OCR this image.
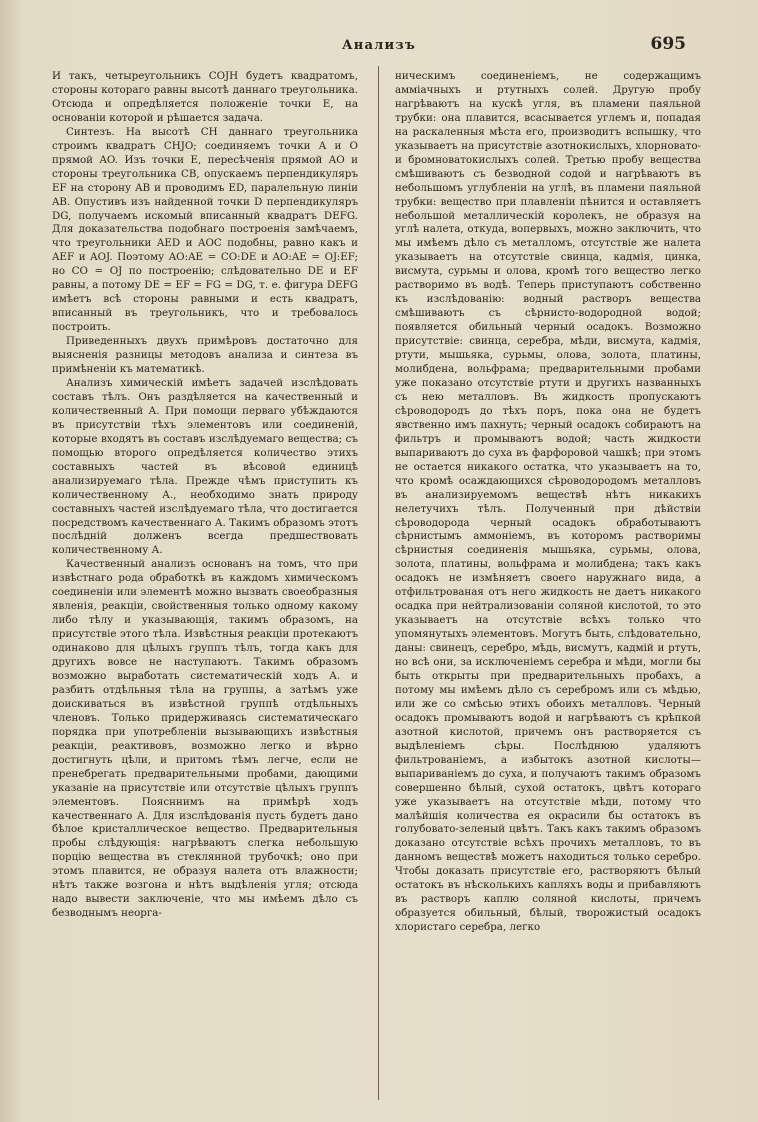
Анализъ	695

И такъ, четыреугольникъ COJH будетъ квадратомъ, стороны котораго равны высотѣ даннаго треугольника. Отсюда и опредѣляется положеніе точки E, на основаніи которой и рѣшается задача.

Синтезъ. На высотѣ CH даннаго треугольника строимъ квадратъ CHJO; соединяемъ точки A и O прямой AO. Изъ точки E, пересѣченія прямой AO и стороны треугольника CB, опускаемъ перпендикуляръ EF на сторону AB и проводимъ ED, паралельную линіи AB. Опустивъ изъ найденной точки D перпендикуляръ DG, получаемъ искомый вписанный квадратъ DEFG. Для доказательства подобнаго построенія замѣчаемъ, что треугольники AED и AOC подобны, равно какъ и AEF и AOJ. Поэтому AO:AE = CO:DE и AO:AE = OJ:EF; но CO = OJ по построенію; слѣдовательно DE и EF равны, а потому DE = EF = FG = DG, т. е. фигура DEFG имѣетъ всѣ стороны равными и есть квадратъ, вписанный въ треугольникъ, что и требовалось построить.

Приведенныхъ двухъ примѣровъ достаточно для выясненія разницы методовъ анализа и синтеза въ примѣненіи къ математикѣ.

Анализъ химическій имѣетъ задачей изслѣдовать составъ тѣлъ. Онъ раздѣляется на качественный и количественный А. При помощи перваго убѣждаются въ присутствіи тѣхъ элементовъ или соединеній, которые входятъ въ составъ изслѣдуемаго вещества; съ помощью второго опредѣляется количество этихъ составныхъ частей въ вѣсовой единицѣ анализируемаго тѣла. Прежде чѣмъ приступить къ количественному А., необходимо знать природу составныхъ частей изслѣдуемаго тѣла, что достигается посредствомъ качественнаго А. Такимъ образомъ этотъ послѣдній долженъ всегда предшествовать количественному А.

Качественный анализъ основанъ на томъ, что при извѣстнаго рода обработкѣ въ каждомъ химическомъ соединеніи или элементѣ можно вызвать своеобразныя явленія, реакціи, свойственныя только одному какому либо тѣлу и указывающія, такимъ образомъ, на присутствіе этого тѣла. Извѣстныя реакціи протекаютъ одинаково для цѣлыхъ группъ тѣлъ, тогда какъ для другихъ вовсе не наступаютъ. Такимъ образомъ возможно выработать систематическій ходъ А. и разбить отдѣльныя тѣла на группы, а затѣмъ уже доискиваться въ извѣстной группѣ отдѣльныхъ членовъ. Только придерживаясь систематическаго порядка при употребленіи вызывающихъ извѣстныя реакціи, реактивовъ, возможно легко и вѣрно достигнуть цѣли, и притомъ тѣмъ легче, если не пренебрегать предварительными пробами, дающими указаніе на присутствіе или отсутствіе цѣлыхъ группъ элементовъ. Поясннимъ на примѣрѣ ходъ качественнаго А. Для изслѣдованія пусть будетъ дано бѣлое кристаллическое вещество. Предварительныя пробы слѣдующія: нагрѣваютъ слегка небольшую порцію вещества въ стеклянной трубочкѣ; оно при этомъ плавится, не образуя налета отъ влажности; нѣтъ также возгона и нѣтъ выдѣленія угля; отсюда надо вывести заключеніе, что мы имѣемъ дѣло съ безводнымъ неорга-

ническимъ соединеніемъ, не содержащимъ аммiачныхъ и ртутныхъ солей. Другую пробу нагрѣваютъ на кускѣ угля, въ пламени паяльной трубки: она плавится, всасывается углемъ и, попадая на раскаленныя мѣста его, производитъ вспышку, что указываетъ на присутствіе азотнокислыхъ, хлорновато- и бромноватокислыхъ солей. Третью пробу вещества смѣшиваютъ съ безводной содой и нагрѣваютъ въ небольшомъ углубленіи на углѣ, въ пламени паяльной трубки: вещество при плавленіи пѣнится и оставляетъ небольшой металлическій королекъ, не образуя на углѣ налета, откуда, вопервыхъ, можно заключить, что мы имѣемъ дѣло съ металломъ, отсутствіе же налета указываетъ на отсутствіе свинца, кадмія, цинка, висмута, сурьмы и олова, кромѣ того вещество легко растворимо въ водѣ. Теперь приступаютъ собственно къ изслѣдованію: водный растворъ вещества смѣшиваютъ съ сѣрнисто-водородной водой; появляется обильный черный осадокъ. Возможно присутствіе: свинца, серебра, мѣди, висмута, кадмія, ртути, мышьяка, сурьмы, олова, золота, платины, молибдена, вольфрама; предварительными пробами уже показано отсутствіе ртути и другихъ названныхъ съ нею металловъ. Въ жидкость пропускаютъ сѣроводородъ до тѣхъ поръ, пока она не будетъ явственно имъ пахнуть; черный осадокъ собираютъ на фильтръ и промываютъ водой; часть жидкости выпариваютъ до суха въ фарфоровой чашкѣ; при этомъ не остается никакого остатка, что указываетъ на то, что кромѣ осаждающихся сѣроводородомъ металловъ въ анализируемомъ веществѣ нѣтъ никакихъ нелетучихъ тѣлъ. Полученный при дѣйствіи сѣроводорода черный осадокъ обработываютъ сѣрнистымъ аммоніемъ, въ которомъ растворимы сѣрнистыя соединенія мышьяка, сурьмы, олова, золота, платины, вольфрама и молибдена; такъ какъ осадокъ не измѣняетъ своего наружнаго вида, а отфильтрованая отъ него жидкость не даетъ никакого осадка при нейтрализованіи соляной кислотой, то это указываетъ на отсутствіе всѣхъ только что упомянутыхъ элементовъ. Могутъ быть, слѣдовательно, даны: свинецъ, серебро, мѣдь, висмутъ, кадмій и ртуть, но всѣ они, за исключеніемъ серебра и мѣди, могли бы быть открыты при предварительныхъ пробахъ, а потому мы имѣемъ дѣло съ серебромъ или съ мѣдью, или же со смѣсью этихъ обоихъ металловъ. Черный осадокъ промываютъ водой и нагрѣваютъ съ крѣпкой азотной кислотой, причемъ онъ растворяется съ выдѣленіемъ сѣры. Послѣднюю удаляютъ фильтрованіемъ, а избытокъ азотной кислоты—выпариваніемъ до суха, и получаютъ такимъ образомъ совершенно бѣлый, сухой остатокъ, цвѣтъ котораго уже указываетъ на отсутствіе мѣди, потому что малѣйшія количества ея окрасили бы остатокъ въ голубовато-зеленый цвѣтъ. Такъ какъ такимъ образомъ доказано отсутствіе всѣхъ прочихъ металловъ, то въ данномъ веществѣ можетъ находиться только серебро. Чтобы доказать присутствіе его, растворяютъ бѣлый остатокъ въ нѣсколькихъ капляхъ воды и прибавляютъ въ растворъ каплю соляной кислоты, причемъ образуется обильный, бѣлый, творожистый осадокъ хлористаго серебра, легко
